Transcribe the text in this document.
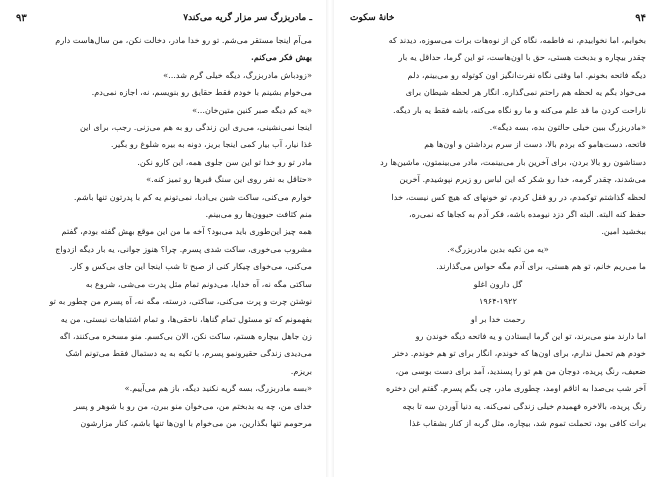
۹۳	۷ـ مادربزرگ سر مزار گریه می‌کند

می‌آم اینجا مستقر می‌شم. تو رو خدا مادر، دخالت نکن، من سال‌هاست دارم

بهش فکر می‌کنم.

«زودباش مادربزرگ، دیگه خیلی گرم شد...»

می‌خوام بشینم با خودم فقط حقایق رو بنویسم، نه، اجازه نمی‌دم.

«یه کم دیگه صبر کنین متین‌خان...»

اینجا نمی‌نشینی، می‌ری این زندگی رو به هم می‌زنی. رجب، برای این

غذا نیار، آب بیار کمی اینجا بریز، دونه به بیره شلوغ رو بگیر.

مادر تو رو خدا تو این سن جلوی همه، این کارو نکن.

«حتاقل به نفر روی این سنگ قبرها رو تمیز کنه.»

خوارم می‌کنی، ساکت شین بی‌ادبا، نمی‌تونم یه کم با پدرتون تنها باشم.

منم کثافت حیوون‌ها رو می‌بینم.

همه چیز این‌طوری باید می‌بود؟ آخه ما من این موقع بهش گفته بودم، گفتم

مشروب می‌خوری، ساکت شدی پسرم. چرا؟ هنوز جوانی، یه بار دیگه ازدواج

می‌کنی، می‌خوای چیکار کنی از صبح تا شب اینجا این جای بی‌کس و کار.

ساکتی مگه نه، آه خدایا، می‌دونم تمام مثل پدرت می‌شی، شروع به

نوشتن چرت و پرت می‌کنی، ساکتی، درسته، مگه نه، آه پسرم من چطور به تو

بفهمونم که تو مسئول تمام گناها، ناحقی‌ها، و تمام اشتباهات نیستی، من یه

زن جاهل بیچاره هستم، ساکت نکن، الان بی‌کسم. منو مسخره می‌کنند، اگه

می‌دیدی زندگی حقیرونمو پسرم، با تکیه به یه دستمال فقط می‌تونم اشک

بریزم.

«بسه مادربزرگ، بسه گریه نکنید دیگه، باز هم می‌آییم.»

خدای من، چه یه بدبختم من، می‌خوان منو ببرن، من رو با شوهر و پسر

مرحومم تنها بگذارین، من می‌خوام با اون‌ها تنها باشم، کنار مزارشون

خانهٔ سکوت	۹۴

بخوابم، اما نخوابیدم، نه فاطمه، نگاه کن از نوه‌هات برات می‌سوزه، دیدند که

چقدر بیچاره و بدبخت هستی، حق با اون‌هاست، تو این گرما، حداقل یه بار

دیگه فاتحه بخونم. اما وقتی نگاه نفرت‌انگیز اون کوتوله رو می‌بینم، دلم

می‌خواد بگم یه لحظه هم راحتم نمی‌گذاره. انگار هر لحظه شیطان برای

ناراحت کردن ما قد علم می‌کنه و ما رو نگاه می‌کنه، باشه فقط یه بار دیگه.

«مادربزرگ ببین خیلی حالتون بده، بسه دیگه».

فاتحه، دست‌هامو که بردم بالا، دست از سرم برداشتن و اون‌ها هم

دستاشون رو بالا بردن، برای آخرین بار می‌بینمت، مادر می‌بینمتون، ماشین‌ها رد

می‌شدند، چقدر گرمه، خدا رو شکر که این لباس رو زیرم نپوشیدم. آخرین

لحظه گذاشتم توکمدم، در رو قفل کردم، تو خونهای که هیچ کس نیست، خدا

حفظ کنه البته. البته اگر دزد نیومده باشه، فکر آدم به کجاها که نمی‌ره،

ببخشید امین.

«یه من تکیه بدین مادربزرگ».

ما می‌ریم خانم، تو هم هستی، برای آدم مگه حواس می‌گذارند.

گل دارون اغلو

۱۹۶۴-۱۹۲۲

رحمت خدا بر او

اما دارند منو می‌برند، تو این گرما ایستادن و یه فاتحه دیگه خوندن رو

خودم هم تحمل ندارم، برای اون‌ها که خوندم، انگار برای تو هم خوندم. دختر

ضعیف، رنگ پریده، دوجان من هم تو را پسندید، آمد برای دست بوسی من،

آخر شب بی‌صدا به اتاقم اومد، چطوری مادر، چی بگم پسرم. گفتم این دختره

رنگ پریده، بالاخره فهمیدم خیلی زندگی نمی‌کنه. یه دنیا آوردن سه تا بچه

برات کافی بود، تحملت تموم شد، بیچاره، مثل گربه از کنار بشقاب غذا
